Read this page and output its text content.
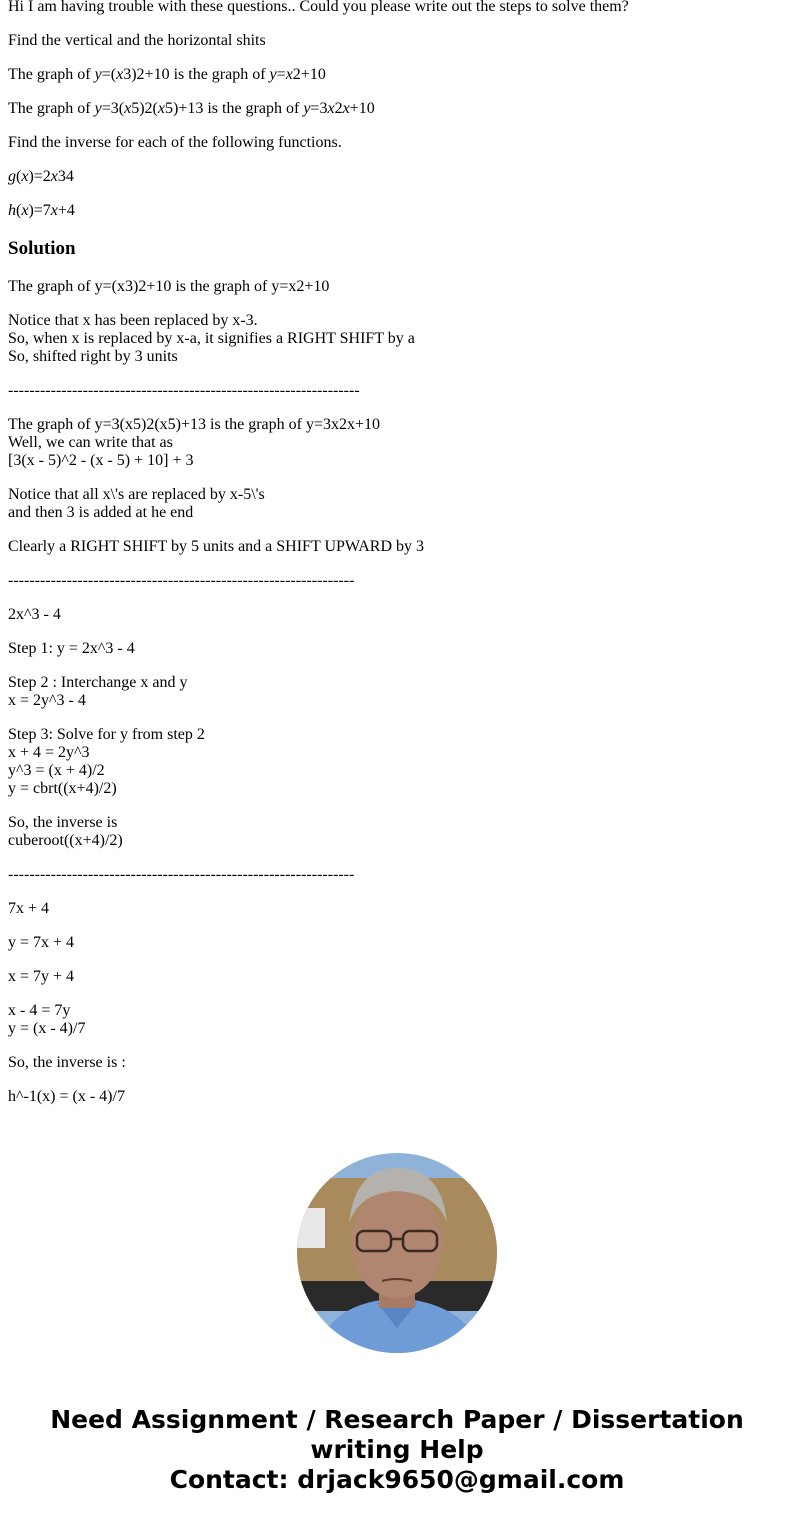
Hi I am having trouble with these questions.. Could you please write out the steps to solve them?

Find the vertical and the horizontal shits

The graph of y=(x3)2+10 is the graph of y=x2+10

The graph of y=3(x5)2(x5)+13 is the graph of y=3x2x+10

Find the inverse for each of the following functions.

g(x)=2x34

h(x)=7x+4

Solution

The graph of y=(x3)2+10 is the graph of y=x2+10

Notice that x has been replaced by x-3.
So, when x is replaced by x-a, it signifies a RIGHT SHIFT by a
So, shifted right by 3 units

------------------------------------------------------------------

The graph of y=3(x5)2(x5)+13 is the graph of y=3x2x+10
Well, we can write that as
[3(x - 5)^2 - (x - 5) + 10] + 3

Notice that all x\'s are replaced by x-5\'s
and then 3 is added at he end

Clearly a RIGHT SHIFT by 5 units and a SHIFT UPWARD by 3

-----------------------------------------------------------------

2x^3 - 4

Step 1: y = 2x^3 - 4

Step 2 : Interchange x and y
x = 2y^3 - 4

Step 3: Solve for y from step 2
x + 4 = 2y^3
y^3 = (x + 4)/2
y = cbrt((x+4)/2)

So, the inverse is
cuberoot((x+4)/2)

-----------------------------------------------------------------

7x + 4

y = 7x + 4

x = 7y + 4

x - 4 = 7y
y = (x - 4)/7

So, the inverse is :

h^-1(x) = (x - 4)/7

Need Assignment / Research Paper / Dissertation writing Help
Contact: drjack9650@gmail.com
